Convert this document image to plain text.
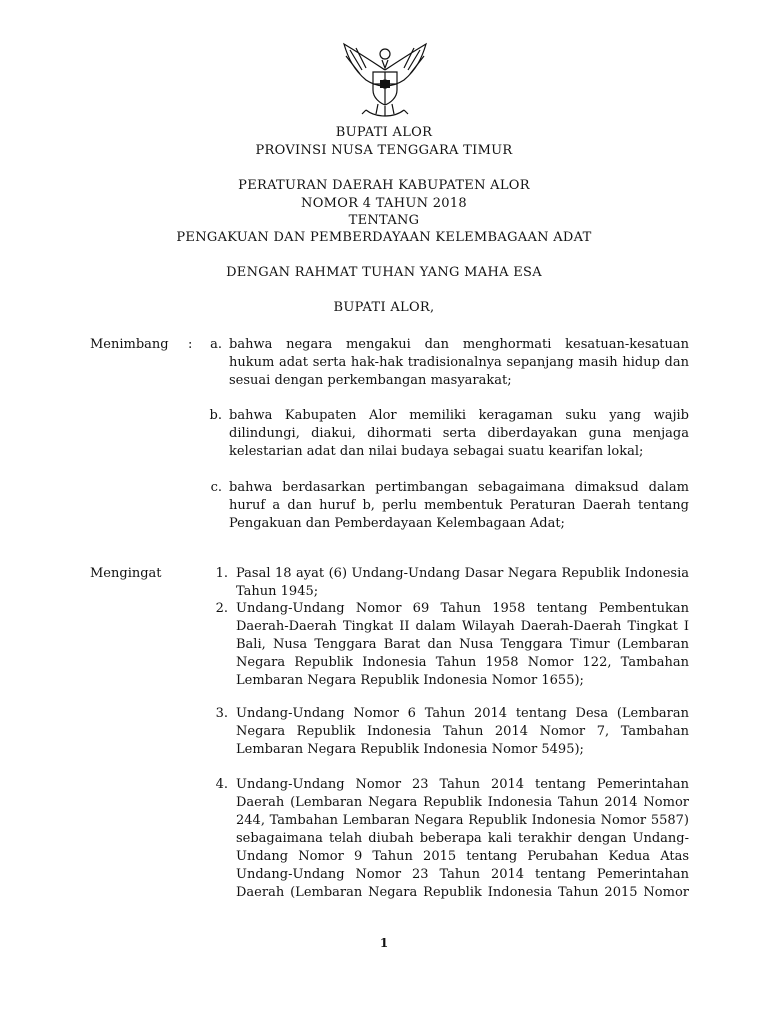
BUPATI ALOR
PROVINSI NUSA TENGGARA TIMUR
PERATURAN DAERAH KABUPATEN ALOR
NOMOR 4 TAHUN 2018
TENTANG
PENGAKUAN DAN PEMBERDAYAAN KELEMBAGAAN ADAT
DENGAN RAHMAT TUHAN YANG MAHA ESA
BUPATI ALOR,
Menimbang :	a. bahwa negara mengakui dan menghormati kesatuan-kesatuan hukum adat serta hak-hak tradisionalnya sepanjang masih hidup dan sesuai dengan perkembangan masyarakat;
b. bahwa Kabupaten Alor memiliki keragaman suku yang wajib dilindungi, diakui, dihormati serta diberdayakan guna menjaga kelestarian adat dan nilai budaya sebagai suatu kearifan lokal;
c. bahwa berdasarkan pertimbangan sebagaimana dimaksud dalam huruf a dan huruf b, perlu membentuk Peraturan Daerah tentang Pengakuan dan Pemberdayaan Kelembagaan Adat;
Mengingat	1. Pasal 18 ayat (6) Undang-Undang Dasar Negara Republik Indonesia Tahun 1945;
2. Undang-Undang Nomor 69 Tahun 1958 tentang Pembentukan Daerah-Daerah Tingkat II dalam Wilayah Daerah-Daerah Tingkat I Bali, Nusa Tenggara Barat dan Nusa Tenggara Timur (Lembaran Negara Republik Indonesia Tahun 1958 Nomor 122, Tambahan Lembaran Negara Republik Indonesia Nomor 1655);
3. Undang-Undang Nomor 6 Tahun 2014 tentang Desa (Lembaran Negara Republik Indonesia Tahun 2014 Nomor 7, Tambahan Lembaran Negara Republik Indonesia Nomor 5495);
4. Undang-Undang Nomor 23 Tahun 2014 tentang Pemerintahan Daerah (Lembaran Negara Republik Indonesia Tahun 2014 Nomor 244, Tambahan Lembaran Negara Republik Indonesia Nomor 5587) sebagaimana telah diubah beberapa kali terakhir dengan Undang-Undang Nomor 9 Tahun 2015 tentang Perubahan Kedua Atas Undang-Undang Nomor 23 Tahun 2014 tentang Pemerintahan Daerah (Lembaran Negara Republik Indonesia Tahun 2015 Nomor
1
